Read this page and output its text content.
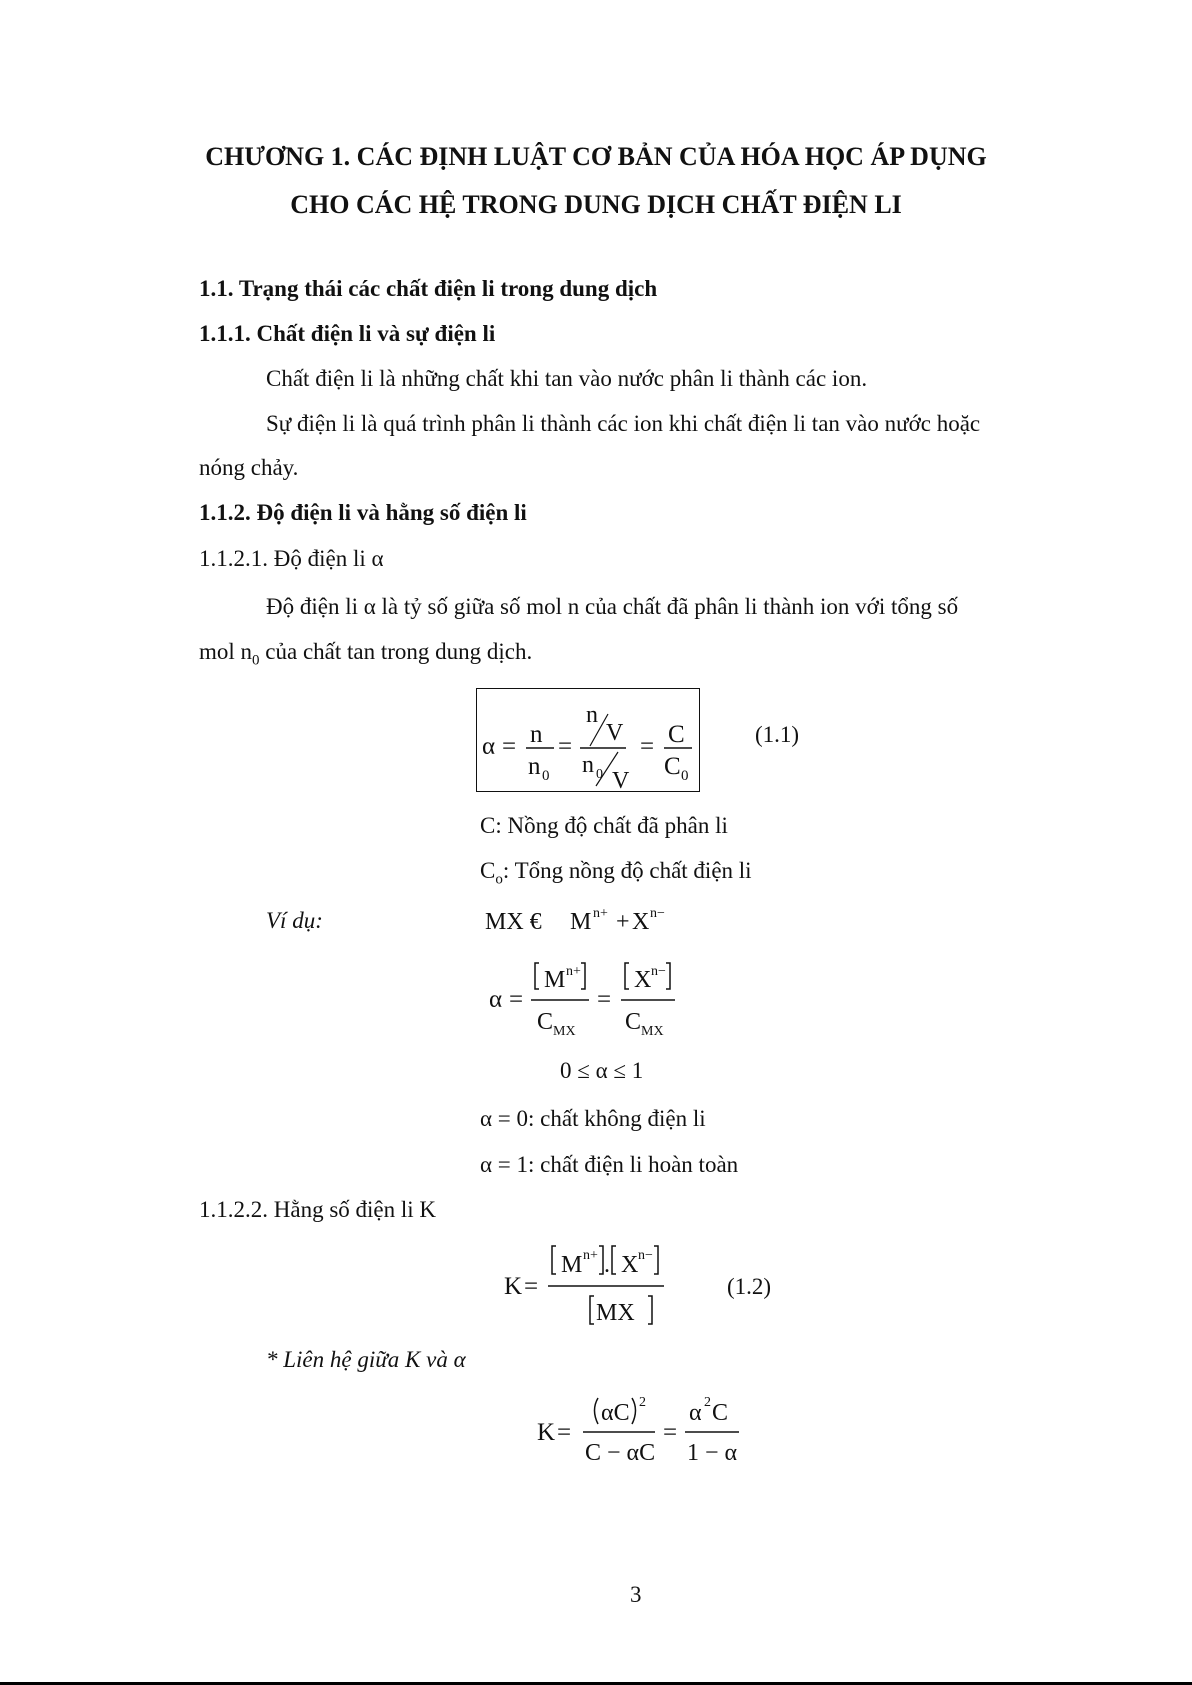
CHƯƠNG 1. CÁC ĐỊNH LUẬT CƠ BẢN CỦA HÓA HỌC ÁP DỤNG
CHO CÁC HỆ TRONG DUNG DỊCH CHẤT ĐIỆN LI
1.1. Trạng thái các chất điện li trong dung dịch
1.1.1. Chất điện li và sự điện li
Chất điện li là những chất khi tan vào nước phân li thành các ion.
Sự điện li là quá trình phân li thành các ion khi chất điện li tan vào nước hoặc
nóng chảy.
1.1.2. Độ điện li và hằng số điện li
1.1.2.1. Độ điện li α
Độ điện li α là tỷ số giữa số mol n của chất đã phân li thành ion với tổng số
mol $n_0$ của chất tan trong dung dịch.
α = n
n 0
=
n
V
n 0 V
= C
C 0
(1.1)
C: Nồng độ chất đã phân li
$C_o$: Tổng nồng độ chất điện li
Ví dụ:	MX € M n+ + X n−
α =
M n+
C MX
=
X n−
C MX
0 ≤ α ≤ 1
α = 0: chất không điện li
α = 1: chất điện li hoàn toàn
1.1.2.2. Hằng số điện li K
K =
M n+ . X n−
MX
(1.2)
* Liên hệ giữa K và α
K =
αC 2
C − αC
=
α 2 C
1 − α
3
